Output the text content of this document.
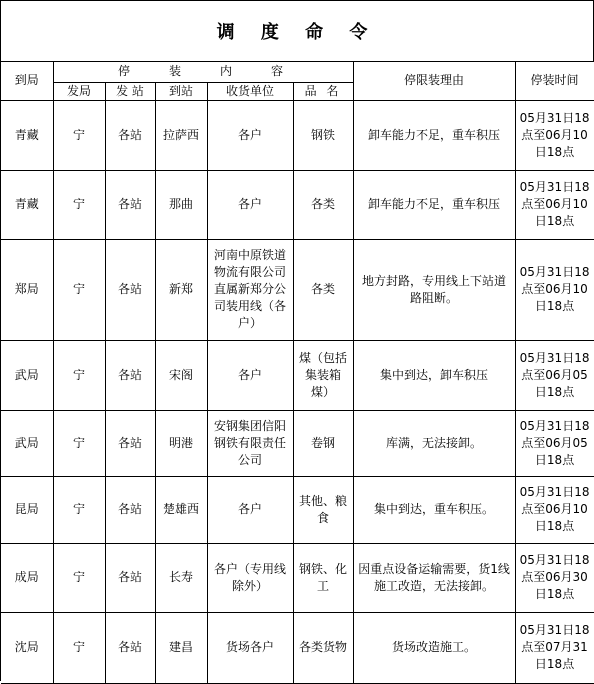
调 度 命 令
到局	停　　装　　内　　容					停限装理由	停装时间
	发局	发 站	到站	收货单位	品 名		
青藏	宁	各站	拉萨西	各户	钢铁	卸车能力不足，重车积压	05月31日18点至06月10日18点
青藏	宁	各站	那曲	各户	各类	卸车能力不足，重车积压	05月31日18点至06月10日18点
郑局	宁	各站	新郑	河南中原铁道物流有限公司直属新郑分公司装用线（各户）	各类	地方封路，专用线上下站道路阻断。	05月31日18点至06月10日18点
武局	宁	各站	宋阁	各户	煤（包括集装箱煤）	集中到达，卸车积压	05月31日18点至06月05日18点
武局	宁	各站	明港	安钢集团信阳钢铁有限责任公司	卷钢	库满，无法接卸。	05月31日18点至06月05日18点
昆局	宁	各站	楚雄西	各户	其他、粮食	集中到达，重车积压。	05月31日18点至06月10日18点
成局	宁	各站	长寿	各户（专用线除外）	钢铁、化工	因重点设备运输需要，货1线施工改造，无法接卸。	05月31日18点至06月30日18点
沈局	宁	各站	建昌	货场各户	各类货物	货场改造施工。	05月31日18点至07月31日18点
